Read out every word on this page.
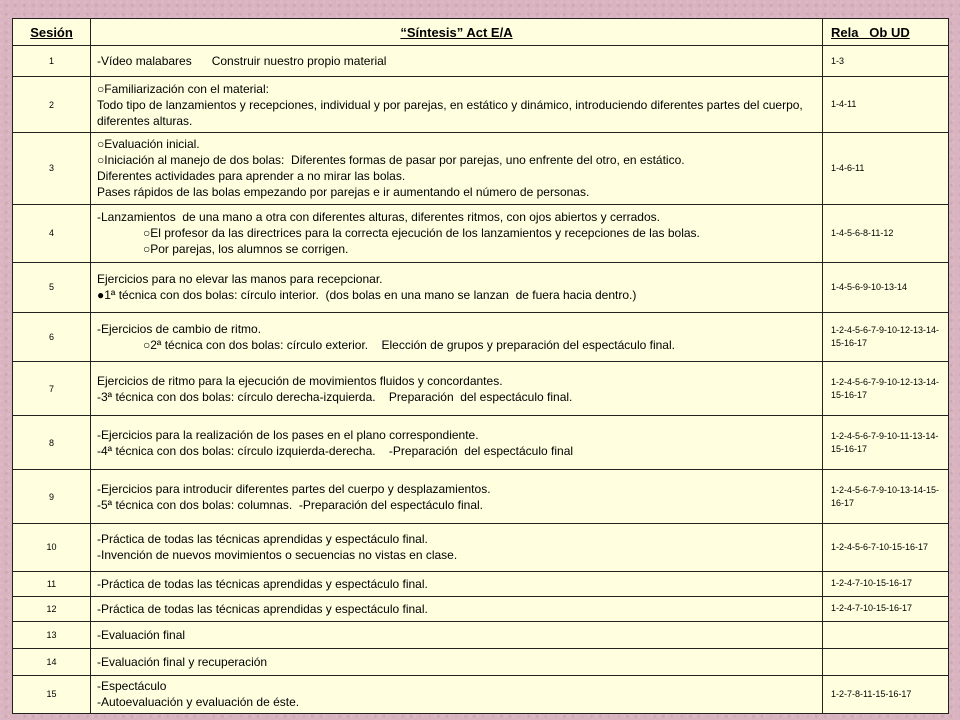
Sesión	“Síntesis” Act E/A	Rela   Ob UD
1	-Vídeo malabares      Construir nuestro propio material	1-3
2	○Familiarización con el material:
Todo tipo de lanzamientos y recepciones, individual y por parejas, en estático y dinámico, introduciendo diferentes partes del cuerpo, diferentes alturas.	1-4-11
3	○Evaluación inicial.
○Iniciación al manejo de dos bolas:  Diferentes formas de pasar por parejas, uno enfrente del otro, en estático.
Diferentes actividades para aprender a no mirar las bolas.
Pases rápidos de las bolas empezando por parejas e ir aumentando el número de personas.	1-4-6-11
4	-Lanzamientos  de una mano a otra con diferentes alturas, diferentes ritmos, con ojos abiertos y cerrados.
○El profesor da las directrices para la correcta ejecución de los lanzamientos y recepciones de las bolas.
○Por parejas, los alumnos se corrigen.	1-4-5-6-8-11-12
5	Ejercicios para no elevar las manos para recepcionar.
●1ª técnica con dos bolas: círculo interior.  (dos bolas en una mano se lanzan  de fuera hacia dentro.)	1-4-5-6-9-10-13-14
6	-Ejercicios de cambio de ritmo.
○2ª técnica con dos bolas: círculo exterior.    Elección de grupos y preparación del espectáculo final.	1-2-4-5-6-7-9-10-12-13-14-15-16-17
7	Ejercicios de ritmo para la ejecución de movimientos fluidos y concordantes.
-3ª técnica con dos bolas: círculo derecha-izquierda.    Preparación  del espectáculo final.	1-2-4-5-6-7-9-10-12-13-14-15-16-17
8	-Ejercicios para la realización de los pases en el plano correspondiente.
-4ª técnica con dos bolas: círculo izquierda-derecha.    -Preparación  del espectáculo final	1-2-4-5-6-7-9-10-11-13-14-15-16-17
9	-Ejercicios para introducir diferentes partes del cuerpo y desplazamientos.
-5ª técnica con dos bolas: columnas.  -Preparación del espectáculo final.	1-2-4-5-6-7-9-10-13-14-15-16-17
10	-Práctica de todas las técnicas aprendidas y espectáculo final.
-Invención de nuevos movimientos o secuencias no vistas en clase.	1-2-4-5-6-7-10-15-16-17
11	-Práctica de todas las técnicas aprendidas y espectáculo final.	1-2-4-7-10-15-16-17
12	-Práctica de todas las técnicas aprendidas y espectáculo final.	1-2-4-7-10-15-16-17
13	-Evaluación final	

14	-Evaluación final y recuperación	

15	-Espectáculo
-Autoevaluación y evaluación de éste.	1-2-7-8-11-15-16-17
